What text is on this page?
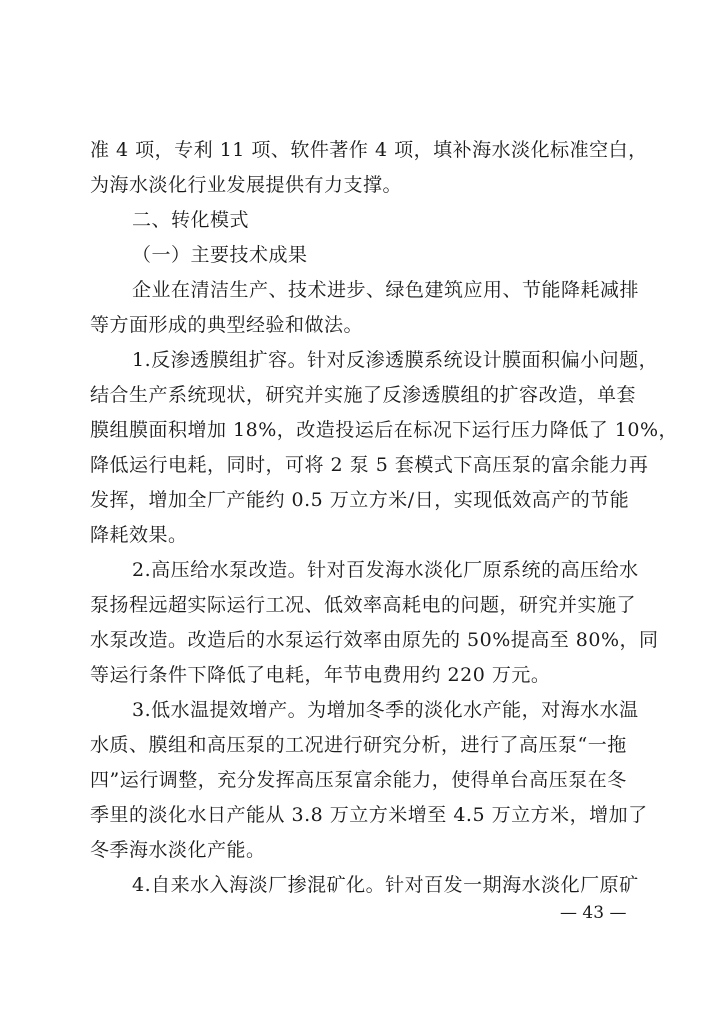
准 4 项，专利 11 项、软件著作 4 项，填补海水淡化标准空白，
为海水淡化行业发展提供有力支撑。
二、转化模式
（一）主要技术成果
企业在清洁生产、技术进步、绿色建筑应用、节能降耗减排
等方面形成的典型经验和做法。
1.反渗透膜组扩容。针对反渗透膜系统设计膜面积偏小问题，
结合生产系统现状，研究并实施了反渗透膜组的扩容改造，单套
膜组膜面积增加 18%，改造投运后在标况下运行压力降低了 10%，
降低运行电耗，同时，可将 2 泵 5 套模式下高压泵的富余能力再
发挥，增加全厂产能约 0.5 万立方米/日，实现低效高产的节能
降耗效果。
2.高压给水泵改造。针对百发海水淡化厂原系统的高压给水
泵扬程远超实际运行工况、低效率高耗电的问题，研究并实施了
水泵改造。改造后的水泵运行效率由原先的 50%提高至 80%，同
等运行条件下降低了电耗，年节电费用约 220 万元。
3.低水温提效增产。为增加冬季的淡化水产能，对海水水温
水质、膜组和高压泵的工况进行研究分析，进行了高压泵“一拖
四”运行调整，充分发挥高压泵富余能力，使得单台高压泵在冬
季里的淡化水日产能从 3.8 万立方米增至 4.5 万立方米，增加了
冬季海水淡化产能。
4.自来水入海淡厂掺混矿化。针对百发一期海水淡化厂原矿
— 43 —
